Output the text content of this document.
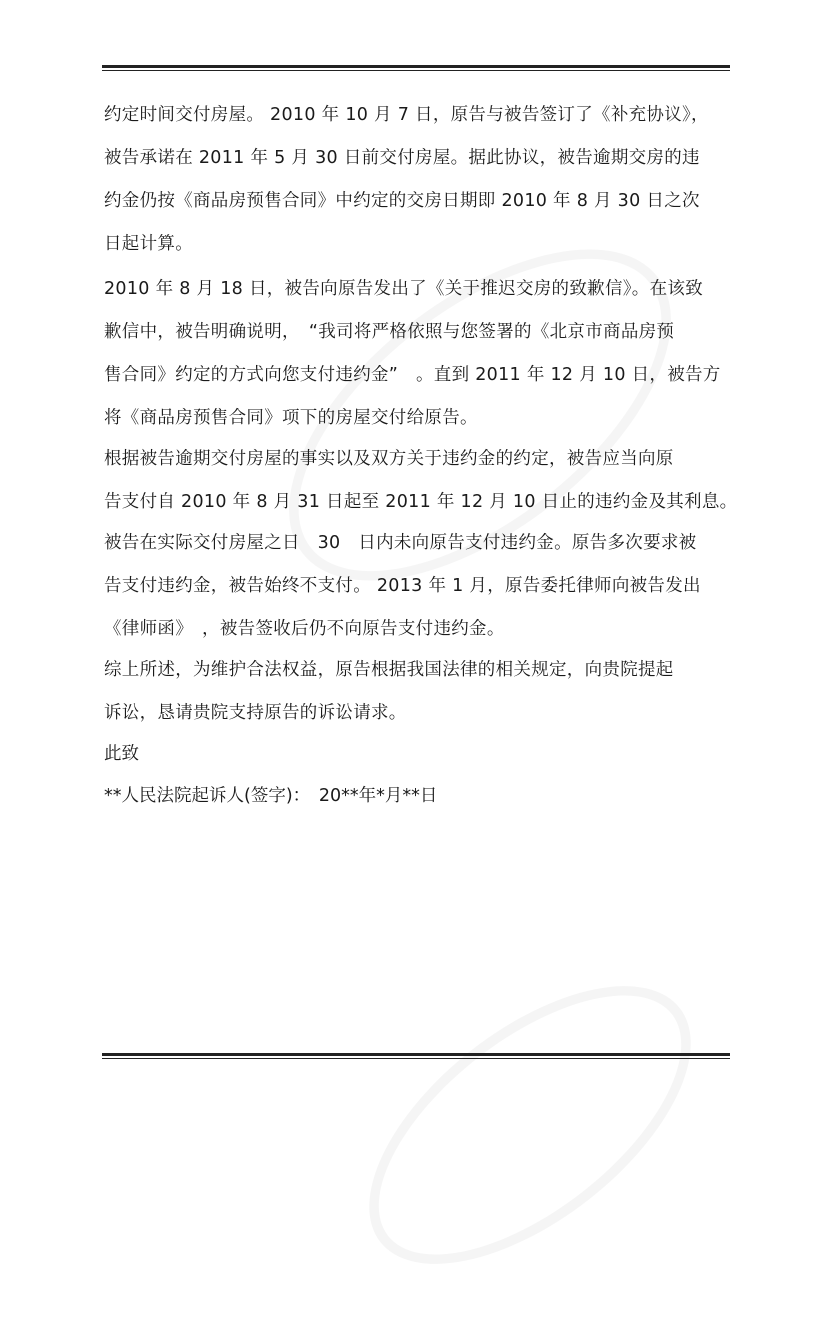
约定时间交付房屋。 2010 年 10 月 7 日，原告与被告签订了《补充协议》，
被告承诺在 2011 年 5 月 30 日前交付房屋。据此协议，被告逾期交房的违
约金仍按《商品房预售合同》中约定的交房日期即 2010 年 8 月 30 日之次
日起计算。
2010 年 8 月 18 日，被告向原告发出了《关于推迟交房的致歉信》。在该致
歉信中，被告明确说明，　“我司将严格依照与您签署的《北京市商品房预
售合同》约定的方式向您支付违约金”　。直到 2011 年 12 月 10 日，被告方
将《商品房预售合同》项下的房屋交付给原告。
根据被告逾期交付房屋的事实以及双方关于违约金的约定，被告应当向原
告支付自 2010 年 8 月 31 日起至 2011 年 12 月 10 日止的违约金及其利息。
被告在实际交付房屋之日　30　日内未向原告支付违约金。原告多次要求被
告支付违约金，被告始终不支付。 2013 年 1 月，原告委托律师向被告发出
《律师函》　，被告签收后仍不向原告支付违约金。
综上所述，为维护合法权益，原告根据我国法律的相关规定，向贵院提起
诉讼，恳请贵院支持原告的诉讼请求。
此致
**人民法院起诉人(签字)：　20**年*月**日
